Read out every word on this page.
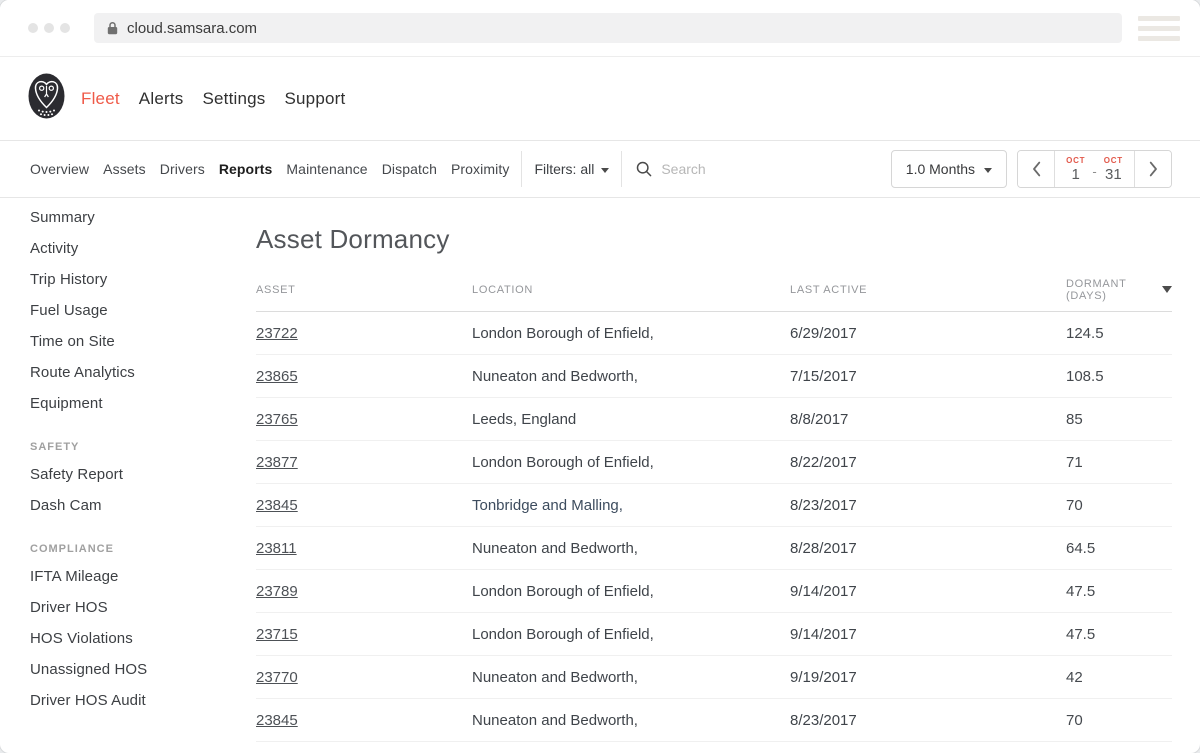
cloud.samsara.com
Fleet Alerts Settings Support
Overview Assets Drivers Reports Maintenance Dispatch Proximity Filters: all
Search	1.0 Months
OCT
1 -
OCT
31
Summary
Activity
Trip History
Fuel Usage
Time on Site
Route Analytics
Equipment
SAFETY
Safety Report
Dash Cam
COMPLIANCE
IFTA Mileage
Driver HOS
HOS Violations
Unassigned HOS
Driver HOS Audit
Asset Dormancy
ASSET	LOCATION	LAST ACTIVE	DORMANT (DAYS)
23722	London Borough of Enfield,	6/29/2017	124.5
23865	Nuneaton and Bedworth,	7/15/2017	108.5
23765	Leeds, England	8/8/2017	85
23877	London Borough of Enfield,	8/22/2017	71
23845	Tonbridge and Malling,	8/23/2017	70
23811	Nuneaton and Bedworth,	8/28/2017	64.5
23789	London Borough of Enfield,	9/14/2017	47.5
23715	London Borough of Enfield,	9/14/2017	47.5
23770	Nuneaton and Bedworth,	9/19/2017	42
23845	Nuneaton and Bedworth,	8/23/2017	70
